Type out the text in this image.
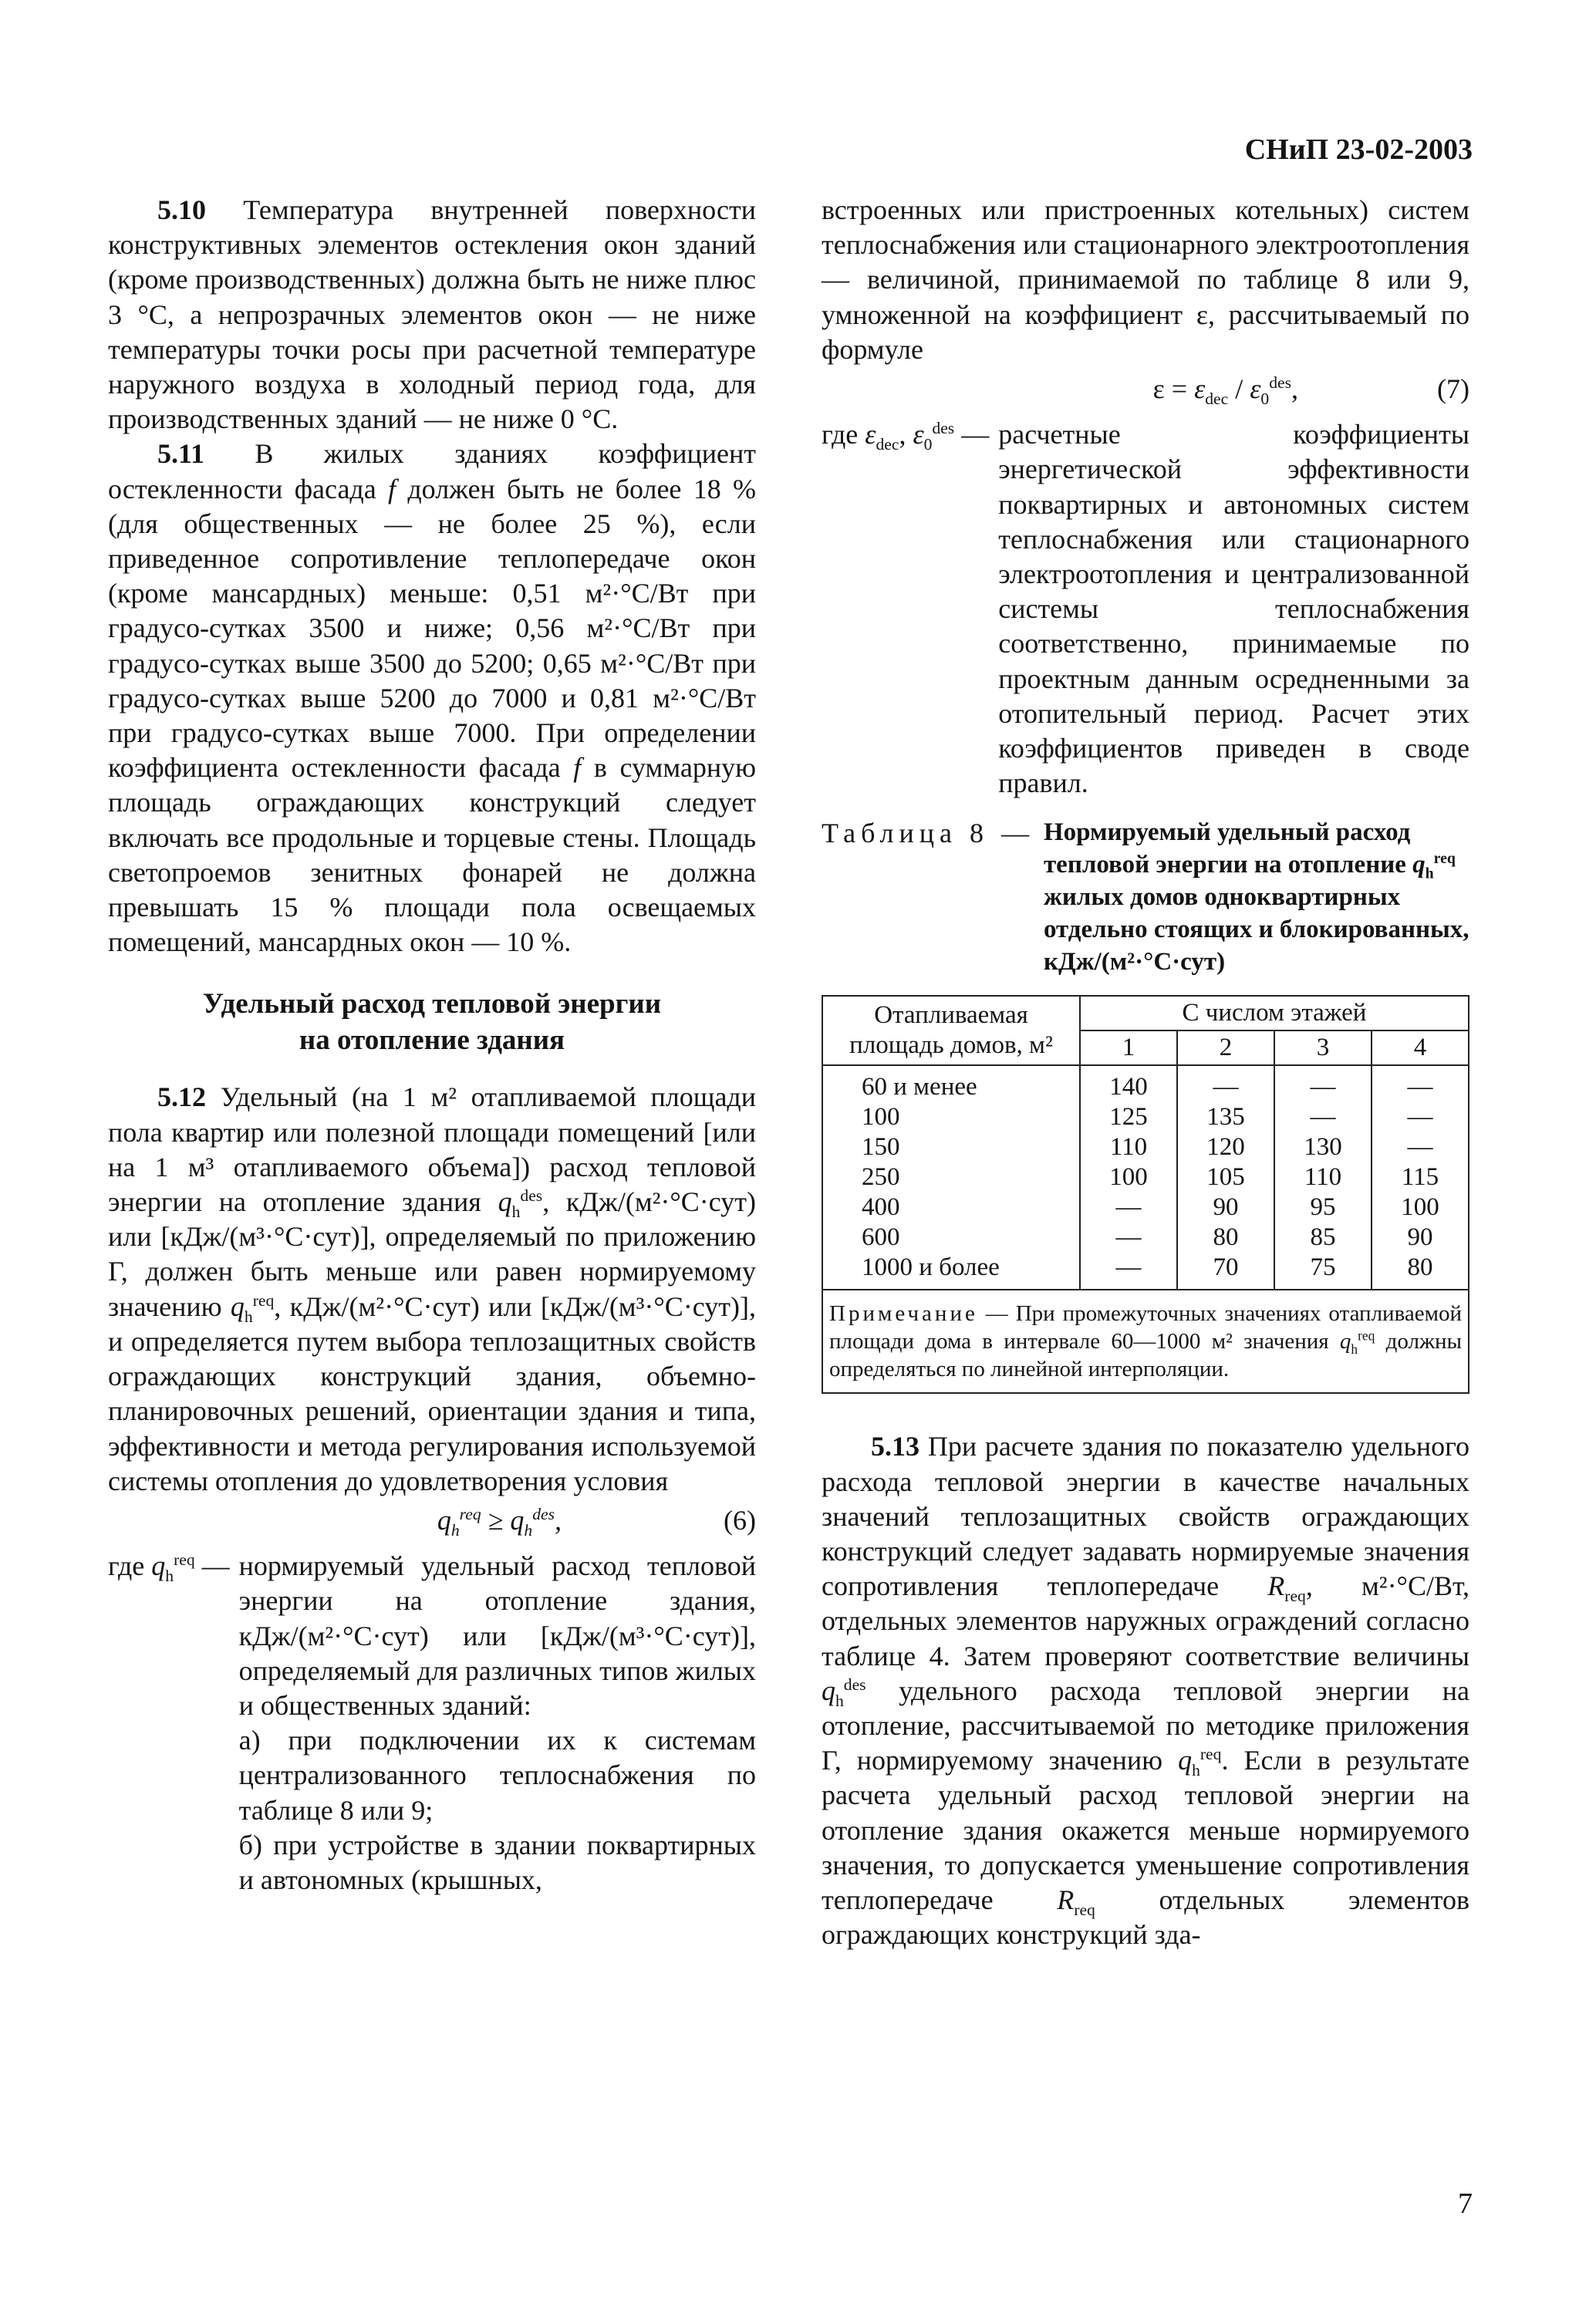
СНиП 23-02-2003

5.10 Температура внутренней поверхности конструктивных элементов остекления окон зданий (кроме производственных) должна быть не ниже плюс 3 °С, а непрозрачных элементов окон — не ниже температуры точки росы при расчетной температуре наружного воздуха в холодный период года, для производственных зданий — не ниже 0 °С.

5.11 В жилых зданиях коэффициент остекленности фасада f должен быть не более 18 % (для общественных — не более 25 %), если приведенное сопротивление теплопередаче окон (кроме мансардных) меньше: 0,51 м²·°С/Вт при градусо-сутках 3500 и ниже; 0,56 м²·°С/Вт при градусо-сутках выше 3500 до 5200; 0,65 м²·°С/Вт при градусо-сутках выше 5200 до 7000 и 0,81 м²·°С/Вт при градусо-сутках выше 7000. При определении коэффициента остекленности фасада f в суммарную площадь ограждающих конструкций следует включать все продольные и торцевые стены. Площадь светопроемов зенитных фонарей не должна превышать 15 % площади пола освещаемых помещений, мансардных окон — 10 %.

Удельный расход тепловой энергии
на отопление здания

5.12 Удельный (на 1 м² отапливаемой площади пола квартир или полезной площади помещений [или на 1 м³ отапливаемого объема]) расход тепловой энергии на отопление здания $q_h^{des}$, кДж/(м²·°С·сут) или [кДж/(м³·°С·сут)], определяемый по приложению Г, должен быть меньше или равен нормируемому значению $q_h^{req}$, кДж/(м²·°С·сут) или [кДж/(м³·°С·сут)], и определяется путем выбора теплозащитных свойств ограждающих конструкций здания, объемно-планировочных решений, ориентации здания и типа, эффективности и метода регулирования используемой системы отопления до удовлетворения условия

$q_h^{req} \ge q_h^{des}$,	(6)
где $q_h^{req}$ — нормируемый удельный расход тепловой энергии на отопление здания, кДж/(м²·°С·сут) или [кДж/(м³·°С·сут)], определяемый для различных типов жилых и общественных зданий:

а) при подключении их к системам централизованного теплоснабжения по таблице 8 или 9;

б) при устройстве в здании поквартирных и автономных (крышных,

встроенных или пристроенных котельных) систем теплоснабжения или стационарного электроотопления — величиной, принимаемой по таблице 8 или 9, умноженной на коэффициент ε, рассчитываемый по формуле

$\varepsilon = \varepsilon_{dec} / \varepsilon_0^{des}$,	(7)
где $\varepsilon_{dec}$, $\varepsilon_0^{des}$ — расчетные коэффициенты энергетической эффективности поквартирных и автономных систем теплоснабжения или стационарного электроотопления и централизованной системы теплоснабжения соответственно, принимаемые по проектным данным осредненными за отопительный период. Расчет этих коэффициентов приведен в своде правил.

Таблица 8 — Нормируемый удельный расход тепловой энергии на отопление $q_h^{req}$ жилых домов одноквартирных отдельно стоящих и блокированных, кДж/(м²·°С·сут)
Отапливаемая площадь домов, м²	С числом этажей			
	1	2	3	4
60 и менее	140	—	—	—
100	125	135	—	—
150	110	120	130	—
250	100	105	110	115
400	—	90	95	100
600	—	80	85	90
1000 и более	—	70	75	80
Примечание — При промежуточных значениях отапливаемой площади дома в интервале 60—1000 м² значения $q_h^{req}$ должны определяться по линейной интерполяции.				

5.13 При расчете здания по показателю удельного расхода тепловой энергии в качестве начальных значений теплозащитных свойств ограждающих конструкций следует задавать нормируемые значения сопротивления теплопередаче $R_{req}$, м²·°С/Вт, отдельных элементов наружных ограждений согласно таблице 4. Затем проверяют соответствие величины $q_h^{des}$ удельного расхода тепловой энергии на отопление, рассчитываемой по методике приложения Г, нормируемому значению $q_h^{req}$. Если в результате расчета удельный расход тепловой энергии на отопление здания окажется меньше нормируемого значения, то допускается уменьшение сопротивления теплопередаче $R_{req}$ отдельных элементов ограждающих конструкций зда-

7
